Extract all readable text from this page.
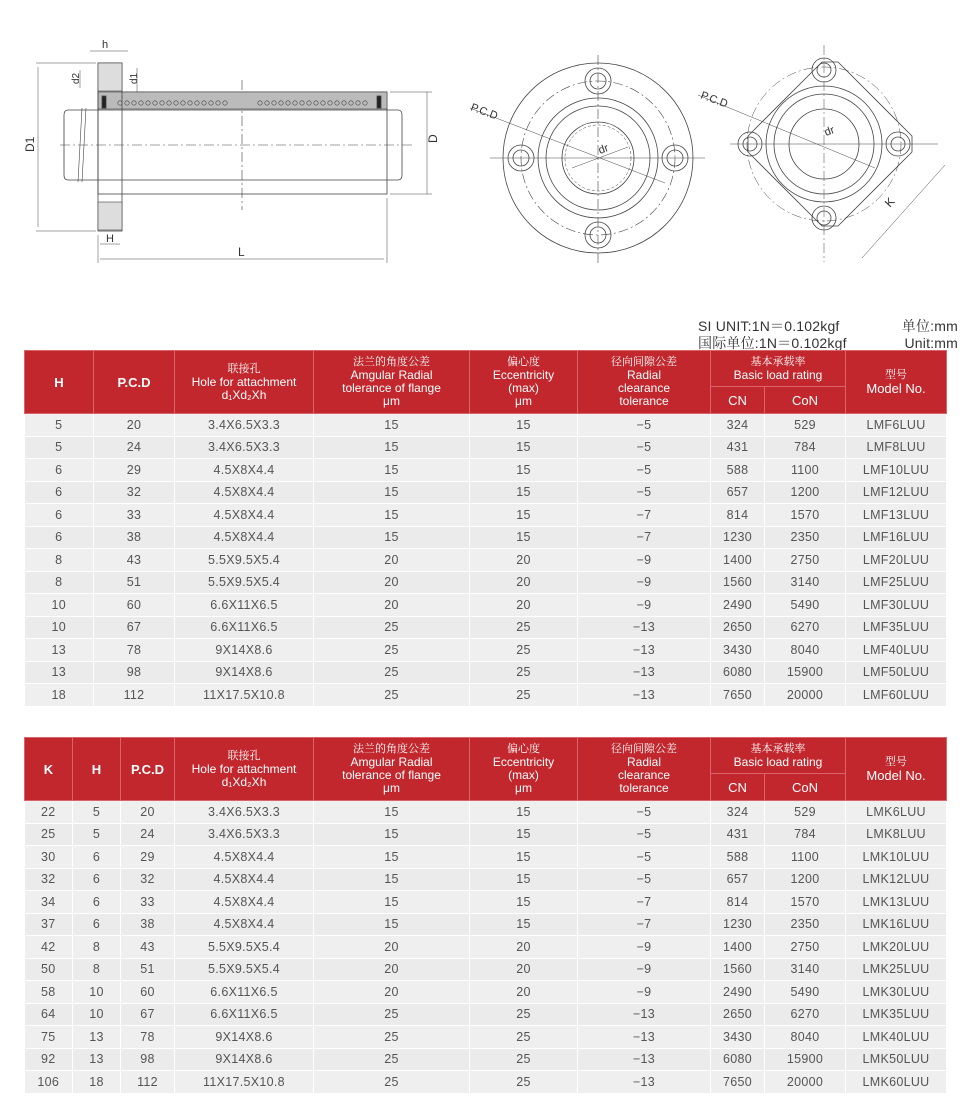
D1	D
L
H
h
d2	d1
P.C.D
dr
P.C.D
dr
K
SI UNIT:1N＝0.102kgf	单位:mm
国际单位:1N＝0.102kgf	Unit:mm
H	P.C.D	联接孔
Hole for attachment
d₁Xd₂Xh	法兰的角度公差
Amgular Radial
tolerance of flange
μm	偏心度
Eccentricity
(max)
μm	径向间隙公差
Radial
clearance
tolerance	基本承载率
Basic load rating		型号
Model No.

						CN	CoN	
5	20	3.4X6.5X3.3	15	15	−5	324	529	LMF6LUU
5	24	3.4X6.5X3.3	15	15	−5	431	784	LMF8LUU
6	29	4.5X8X4.4	15	15	−5	588	1100	LMF10LUU
6	32	4.5X8X4.4	15	15	−5	657	1200	LMF12LUU
6	33	4.5X8X4.4	15	15	−7	814	1570	LMF13LUU
6	38	4.5X8X4.4	15	15	−7	1230	2350	LMF16LUU
8	43	5.5X9.5X5.4	20	20	−9	1400	2750	LMF20LUU
8	51	5.5X9.5X5.4	20	20	−9	1560	3140	LMF25LUU
10	60	6.6X11X6.5	20	20	−9	2490	5490	LMF30LUU
10	67	6.6X11X6.5	25	25	−13	2650	6270	LMF35LUU
13	78	9X14X8.6	25	25	−13	3430	8040	LMF40LUU
13	98	9X14X8.6	25	25	−13	6080	15900	LMF50LUU
18	112	11X17.5X10.8	25	25	−13	7650	20000	LMF60LUU
K	H	P.C.D	联接孔
Hole for attachment
d₁Xd₂Xh	法兰的角度公差
Amgular Radial
tolerance of flange
μm	偏心度
Eccentricity
(max)
μm	径向间隙公差
Radial
clearance
tolerance	基本承载率
Basic load rating		型号
Model No.

							CN	CoN	
22	5	20	3.4X6.5X3.3	15	15	−5	324	529	LMK6LUU
25	5	24	3.4X6.5X3.3	15	15	−5	431	784	LMK8LUU
30	6	29	4.5X8X4.4	15	15	−5	588	1100	LMK10LUU
32	6	32	4.5X8X4.4	15	15	−5	657	1200	LMK12LUU
34	6	33	4.5X8X4.4	15	15	−7	814	1570	LMK13LUU
37	6	38	4.5X8X4.4	15	15	−7	1230	2350	LMK16LUU
42	8	43	5.5X9.5X5.4	20	20	−9	1400	2750	LMK20LUU
50	8	51	5.5X9.5X5.4	20	20	−9	1560	3140	LMK25LUU
58	10	60	6.6X11X6.5	20	20	−9	2490	5490	LMK30LUU
64	10	67	6.6X11X6.5	25	25	−13	2650	6270	LMK35LUU
75	13	78	9X14X8.6	25	25	−13	3430	8040	LMK40LUU
92	13	98	9X14X8.6	25	25	−13	6080	15900	LMK50LUU
106	18	112	11X17.5X10.8	25	25	−13	7650	20000	LMK60LUU
